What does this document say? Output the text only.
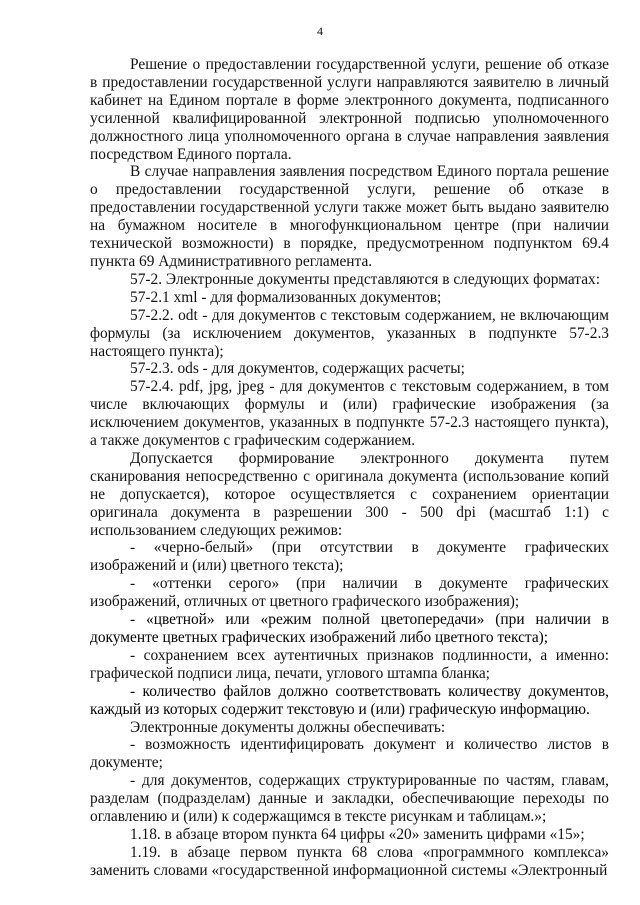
4

Решение о предоставлении государственной услуги, решение об отказе в предоставлении государственной услуги направляются заявителю в личный кабинет на Едином портале в форме электронного документа, подписанного усиленной квалифицированной электронной подписью уполномоченного должностного лица уполномоченного органа в случае направления заявления посредством Единого портала.

В случае направления заявления посредством Единого портала решение о предоставлении государственной услуги, решение об отказе в предоставлении государственной услуги также может быть выдано заявителю на бумажном носителе в многофункциональном центре (при наличии технической возможности) в порядке, предусмотренном подпунктом 69.4 пункта 69 Административного регламента.

57-2. Электронные документы представляются в следующих форматах:

57-2.1 xml - для формализованных документов;

57-2.2. odt - для документов с текстовым содержанием, не включающим формулы (за исключением документов, указанных в подпункте 57-2.3 настоящего пункта);

57-2.3. ods - для документов, содержащих расчеты;

57-2.4. pdf, jpg, jpeg - для документов с текстовым содержанием, в том числе включающих формулы и (или) графические изображения (за исключением документов, указанных в подпункте 57-2.3 настоящего пункта), а также документов с графическим содержанием.

Допускается формирование электронного документа путем сканирования непосредственно с оригинала документа (использование копий не допускается), которое осуществляется с сохранением ориентации оригинала документа в разрешении 300 - 500 dpi (масштаб 1:1) с использованием следующих режимов:

- «черно-белый» (при отсутствии в документе графических изображений и (или) цветного текста);

- «оттенки серого» (при наличии в документе графических изображений, отличных от цветного графического изображения);

- «цветной» или «режим полной цветопередачи» (при наличии в документе цветных графических изображений либо цветного текста);

- сохранением всех аутентичных признаков подлинности, а именно: графической подписи лица, печати, углового штампа бланка;

- количество файлов должно соответствовать количеству документов, каждый из которых содержит текстовую и (или) графическую информацию.

Электронные документы должны обеспечивать:

- возможность идентифицировать документ и количество листов в документе;

- для документов, содержащих структурированные по частям, главам, разделам (подразделам) данные и закладки, обеспечивающие переходы по оглавлению и (или) к содержащимся в тексте рисункам и таблицам.»;

1.18. в абзаце втором пункта 64 цифры «20» заменить цифрами «15»;

1.19. в абзаце первом пункта 68 слова «программного комплекса» заменить словами «государственной информационной системы «Электронный
